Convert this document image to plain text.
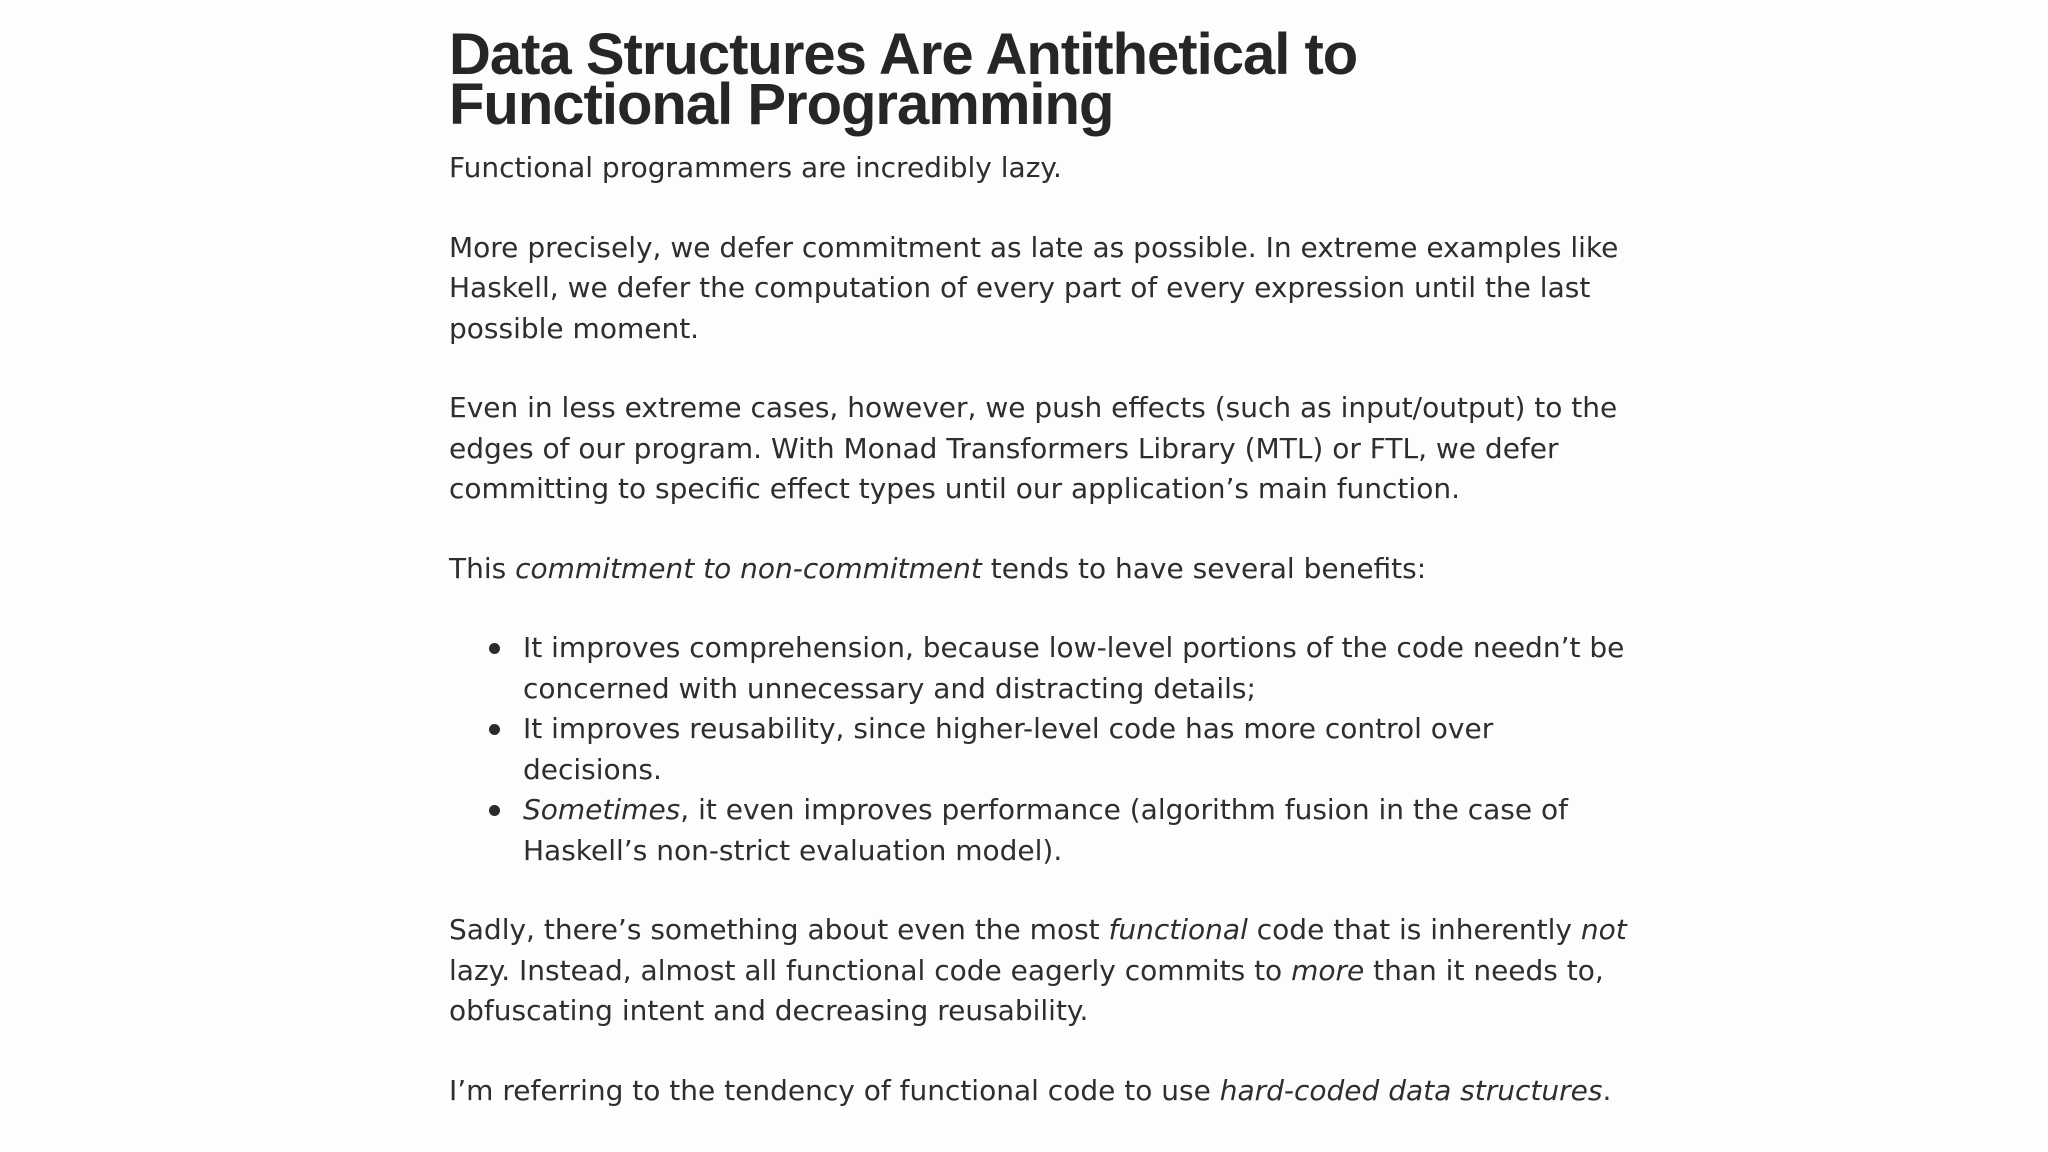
Data Structures Are Antithetical to
Functional Programming

Functional programmers are incredibly lazy.

More precisely, we defer commitment as late as possible. In extreme examples like Haskell, we defer the computation of every part of every expression until the last possible moment.

Even in less extreme cases, however, we push effects (such as input/output) to the edges of our program. With Monad Transformers Library (MTL) or FTL, we defer committing to specific effect types until our application’s main function.

This commitment to non-commitment tends to have several benefits:

It improves comprehension, because low-level portions of the code needn’t be concerned with unnecessary and distracting details;
It improves reusability, since higher-level code has more control over decisions.
Sometimes, it even improves performance (algorithm fusion in the case of Haskell’s non-strict evaluation model).

Sadly, there’s something about even the most functional code that is inherently not lazy. Instead, almost all functional code eagerly commits to more than it needs to, obfuscating intent and decreasing reusability.

I’m referring to the tendency of functional code to use hard-coded data structures.
